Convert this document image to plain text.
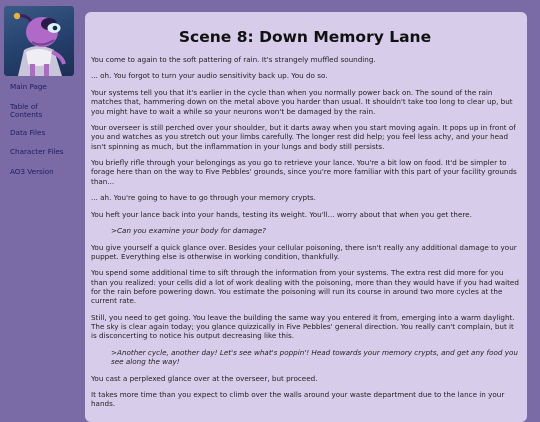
Main Page
Table of Contents
Data Files
Character Files
AO3 Version
Scene 8: Down Memory Lane

You come to again to the soft pattering of rain. It's strangely muffled sounding.

... oh. You forgot to turn your audio sensitivity back up. You do so.

Your systems tell you that it's earlier in the cycle than when you normally power back on. The sound of the rain matches that, hammering down on the metal above you harder than usual. It shouldn't take too long to clear up, but you might have to wait a while so your neurons won't be damaged by the rain.

Your overseer is still perched over your shoulder, but it darts away when you start moving again. It pops up in front of you and watches as you stretch out your limbs carefully. The longer rest did help; you feel less achy, and your head isn't spinning as much, but the inflammation in your lungs and body still persists.

You briefly rifle through your belongings as you go to retrieve your lance. You're a bit low on food. It'd be simpler to forage here than on the way to Five Pebbles' grounds, since you're more familiar with this part of your facility grounds than...

... ah. You're going to have to go through your memory crypts.

You heft your lance back into your hands, testing its weight. You'll... worry about that when you get there.

>Can you examine your body for damage?

You give yourself a quick glance over. Besides your cellular poisoning, there isn't really any additional damage to your puppet. Everything else is otherwise in working condition, thankfully.

You spend some additional time to sift through the information from your systems. The extra rest did more for you than you realized: your cells did a lot of work dealing with the poisoning, more than they would have if you had waited for the rain before powering down. You estimate the poisoning will run its course in around two more cycles at the current rate.

Still, you need to get going. You leave the building the same way you entered it from, emerging into a warm daylight. The sky is clear again today; you glance quizzically in Five Pebbles' general direction. You really can't complain, but it is disconcerting to notice his output decreasing like this.

>Another cycle, another day! Let's see what's poppin'! Head towards your memory crypts, and get any food you see along the way!

You cast a perplexed glance over at the overseer, but proceed.

It takes more time than you expect to climb over the walls around your waste department due to the lance in your hands.
